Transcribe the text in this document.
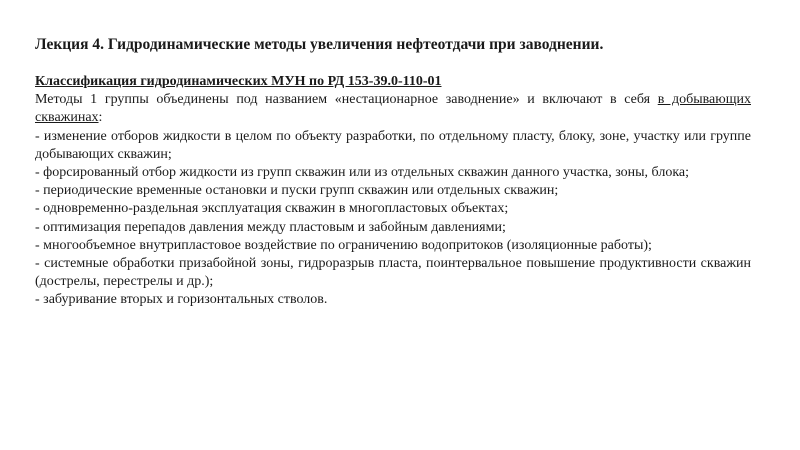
Лекция 4. Гидродинамические методы увеличения нефтеотдачи при заводнении.
Классификация гидродинамических МУН по РД 153-39.0-110-01
Методы 1 группы объединены под названием «нестационарное заводнение» и включают в себя в добывающих скважинах:
- изменение отборов жидкости в целом по объекту разработки, по отдельному пласту, блоку, зоне, участку или группе добывающих скважин;
- форсированный отбор жидкости из групп скважин или из отдельных скважин данного участка, зоны, блока;
- периодические временные остановки и пуски групп скважин или отдельных скважин;
- одновременно-раздельная эксплуатация скважин в многопластовых объектах;
- оптимизация перепадов давления между пластовым и забойным давлениями;
- многообъемное внутрипластовое воздействие по ограничению водопритоков (изоляционные работы);
- системные обработки призабойной зоны, гидроразрыв пласта, поинтервальное повышение продуктивности скважин (дострелы, перестрелы и др.);
- забуривание вторых и горизонтальных стволов.
